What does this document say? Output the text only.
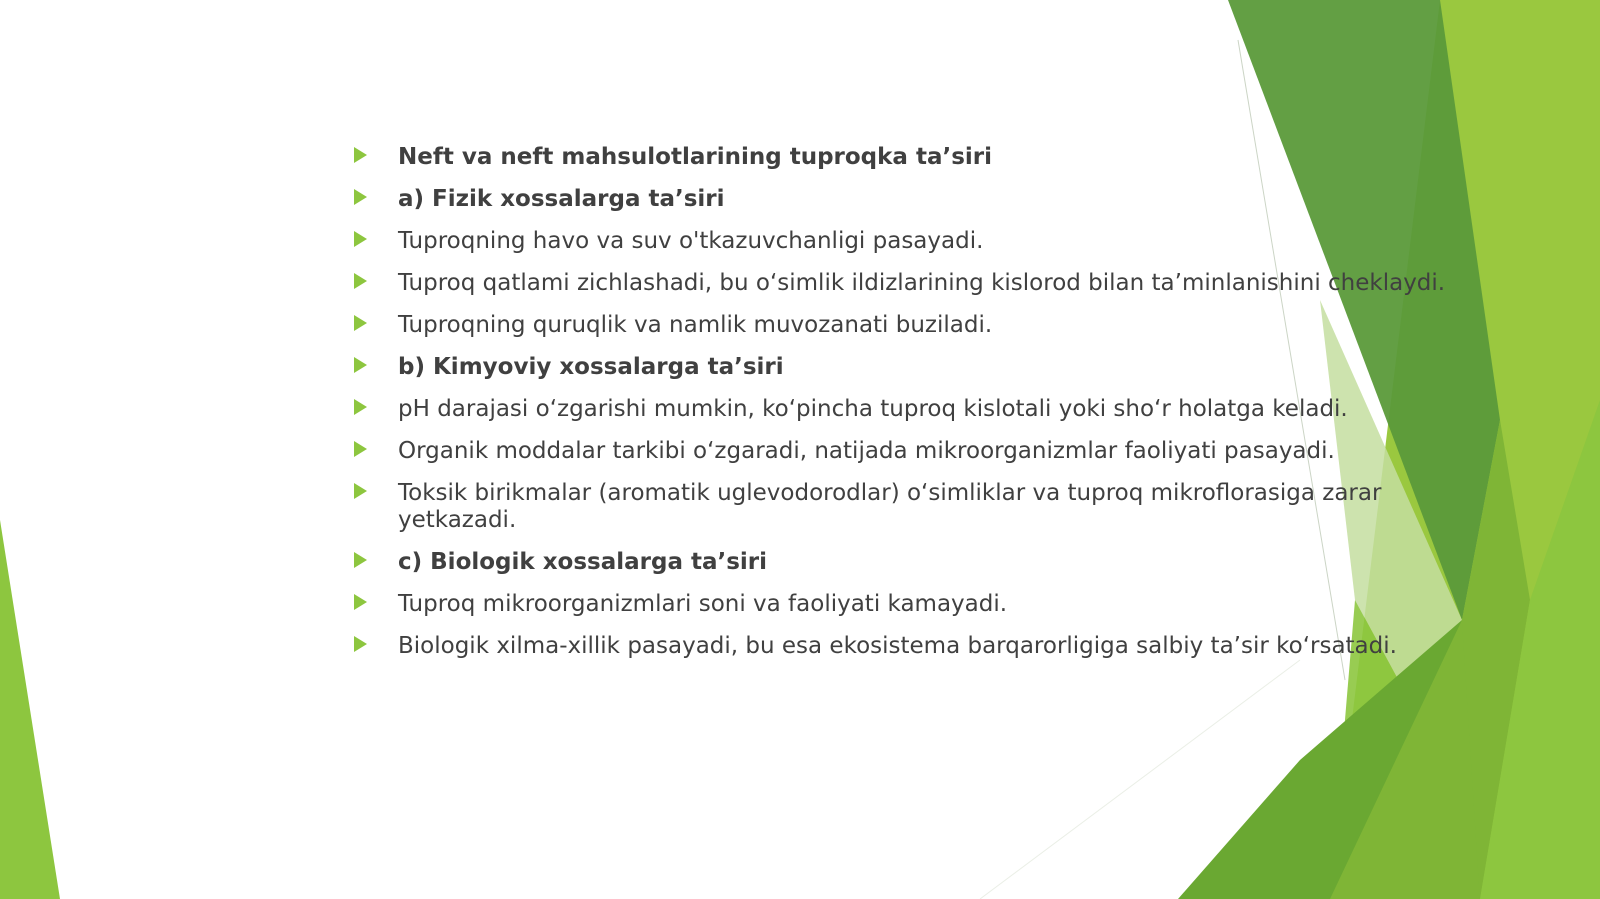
Neft va neft mahsulotlarining tuproqka ta’siri
a) Fizik xossalarga ta’siri
Tuproqning havo va suv o'tkazuvchanligi pasayadi.
Tuproq qatlami zichlashadi, bu o‘simlik ildizlarining kislorod bilan ta’minlanishini cheklaydi.
Tuproqning quruqlik va namlik muvozanati buziladi.
b) Kimyoviy xossalarga ta’siri
pH darajasi o‘zgarishi mumkin, ko‘pincha tuproq kislotali yoki sho‘r holatga keladi.
Organik moddalar tarkibi o‘zgaradi, natijada mikroorganizmlar faoliyati pasayadi.
Toksik birikmalar (aromatik uglevodorodlar) o‘simliklar va tuproq mikroflorasiga zarar yetkazadi.
c) Biologik xossalarga ta’siri
Tuproq mikroorganizmlari soni va faoliyati kamayadi.
Biologik xilma-xillik pasayadi, bu esa ekosistema barqarorligiga salbiy ta’sir ko‘rsatadi.
